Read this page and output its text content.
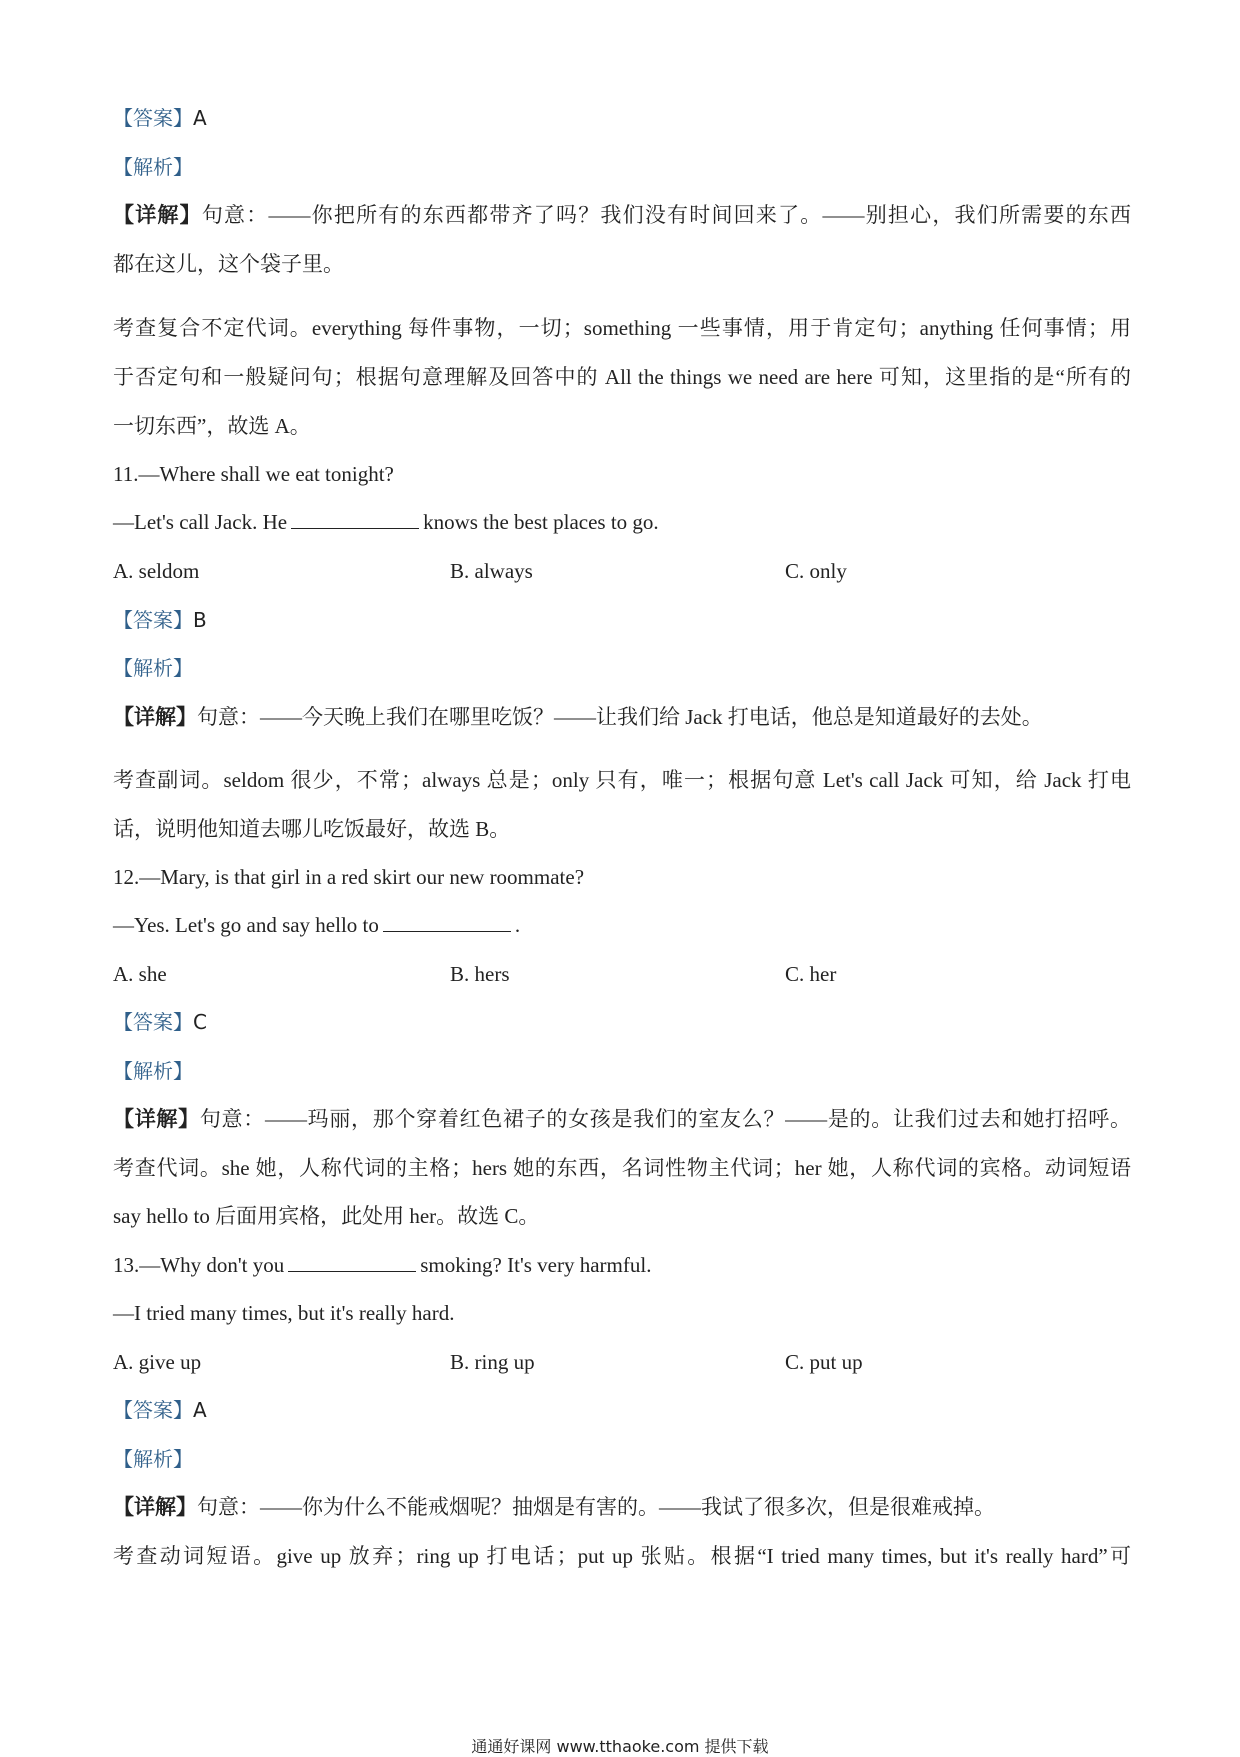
【答案】A
【解析】
【详解】句意：——你把所有的东西都带齐了吗？我们没有时间回来了。——别担心，我们所需要的东西
都在这儿，这个袋子里。
考查复合不定代词。everything 每件事物，一切；something 一些事情，用于肯定句；anything 任何事情；用
于否定句和一般疑问句；根据句意理解及回答中的 All the things we need are here 可知，这里指的是“所有的
一切东西”，故选 A。
11.—Where shall we eat tonight?
—Let's call Jack. He	knows the best places to go.
A. seldom	B. always	C. only
【答案】B
【解析】
【详解】句意：——今天晚上我们在哪里吃饭？——让我们给 Jack 打电话，他总是知道最好的去处。
考查副词。seldom 很少，不常；always 总是；only 只有，唯一；根据句意 Let's call Jack 可知，给 Jack 打电
话，说明他知道去哪儿吃饭最好，故选 B。
12.—Mary, is that girl in a red skirt our new roommate?
—Yes. Let's go and say hello to	.
A. she	B. hers	C. her
【答案】C
【解析】
【详解】句意：——玛丽，那个穿着红色裙子的女孩是我们的室友么？——是的。让我们过去和她打招呼。
考查代词。she 她，人称代词的主格；hers 她的东西，名词性物主代词；her 她，人称代词的宾格。动词短语
say hello to 后面用宾格，此处用 her。故选 C。
13.—Why don't you	smoking? It's very harmful.
—I tried many times, but it's really hard.
A. give up	B. ring up	C. put up
【答案】A
【解析】
【详解】句意：——你为什么不能戒烟呢？抽烟是有害的。——我试了很多次，但是很难戒掉。
考查动词短语。give up 放弃；ring up 打电话；put up 张贴。根据“I tried many times, but it's really hard”可
通通好课网 www.tthaoke.com 提供下载
